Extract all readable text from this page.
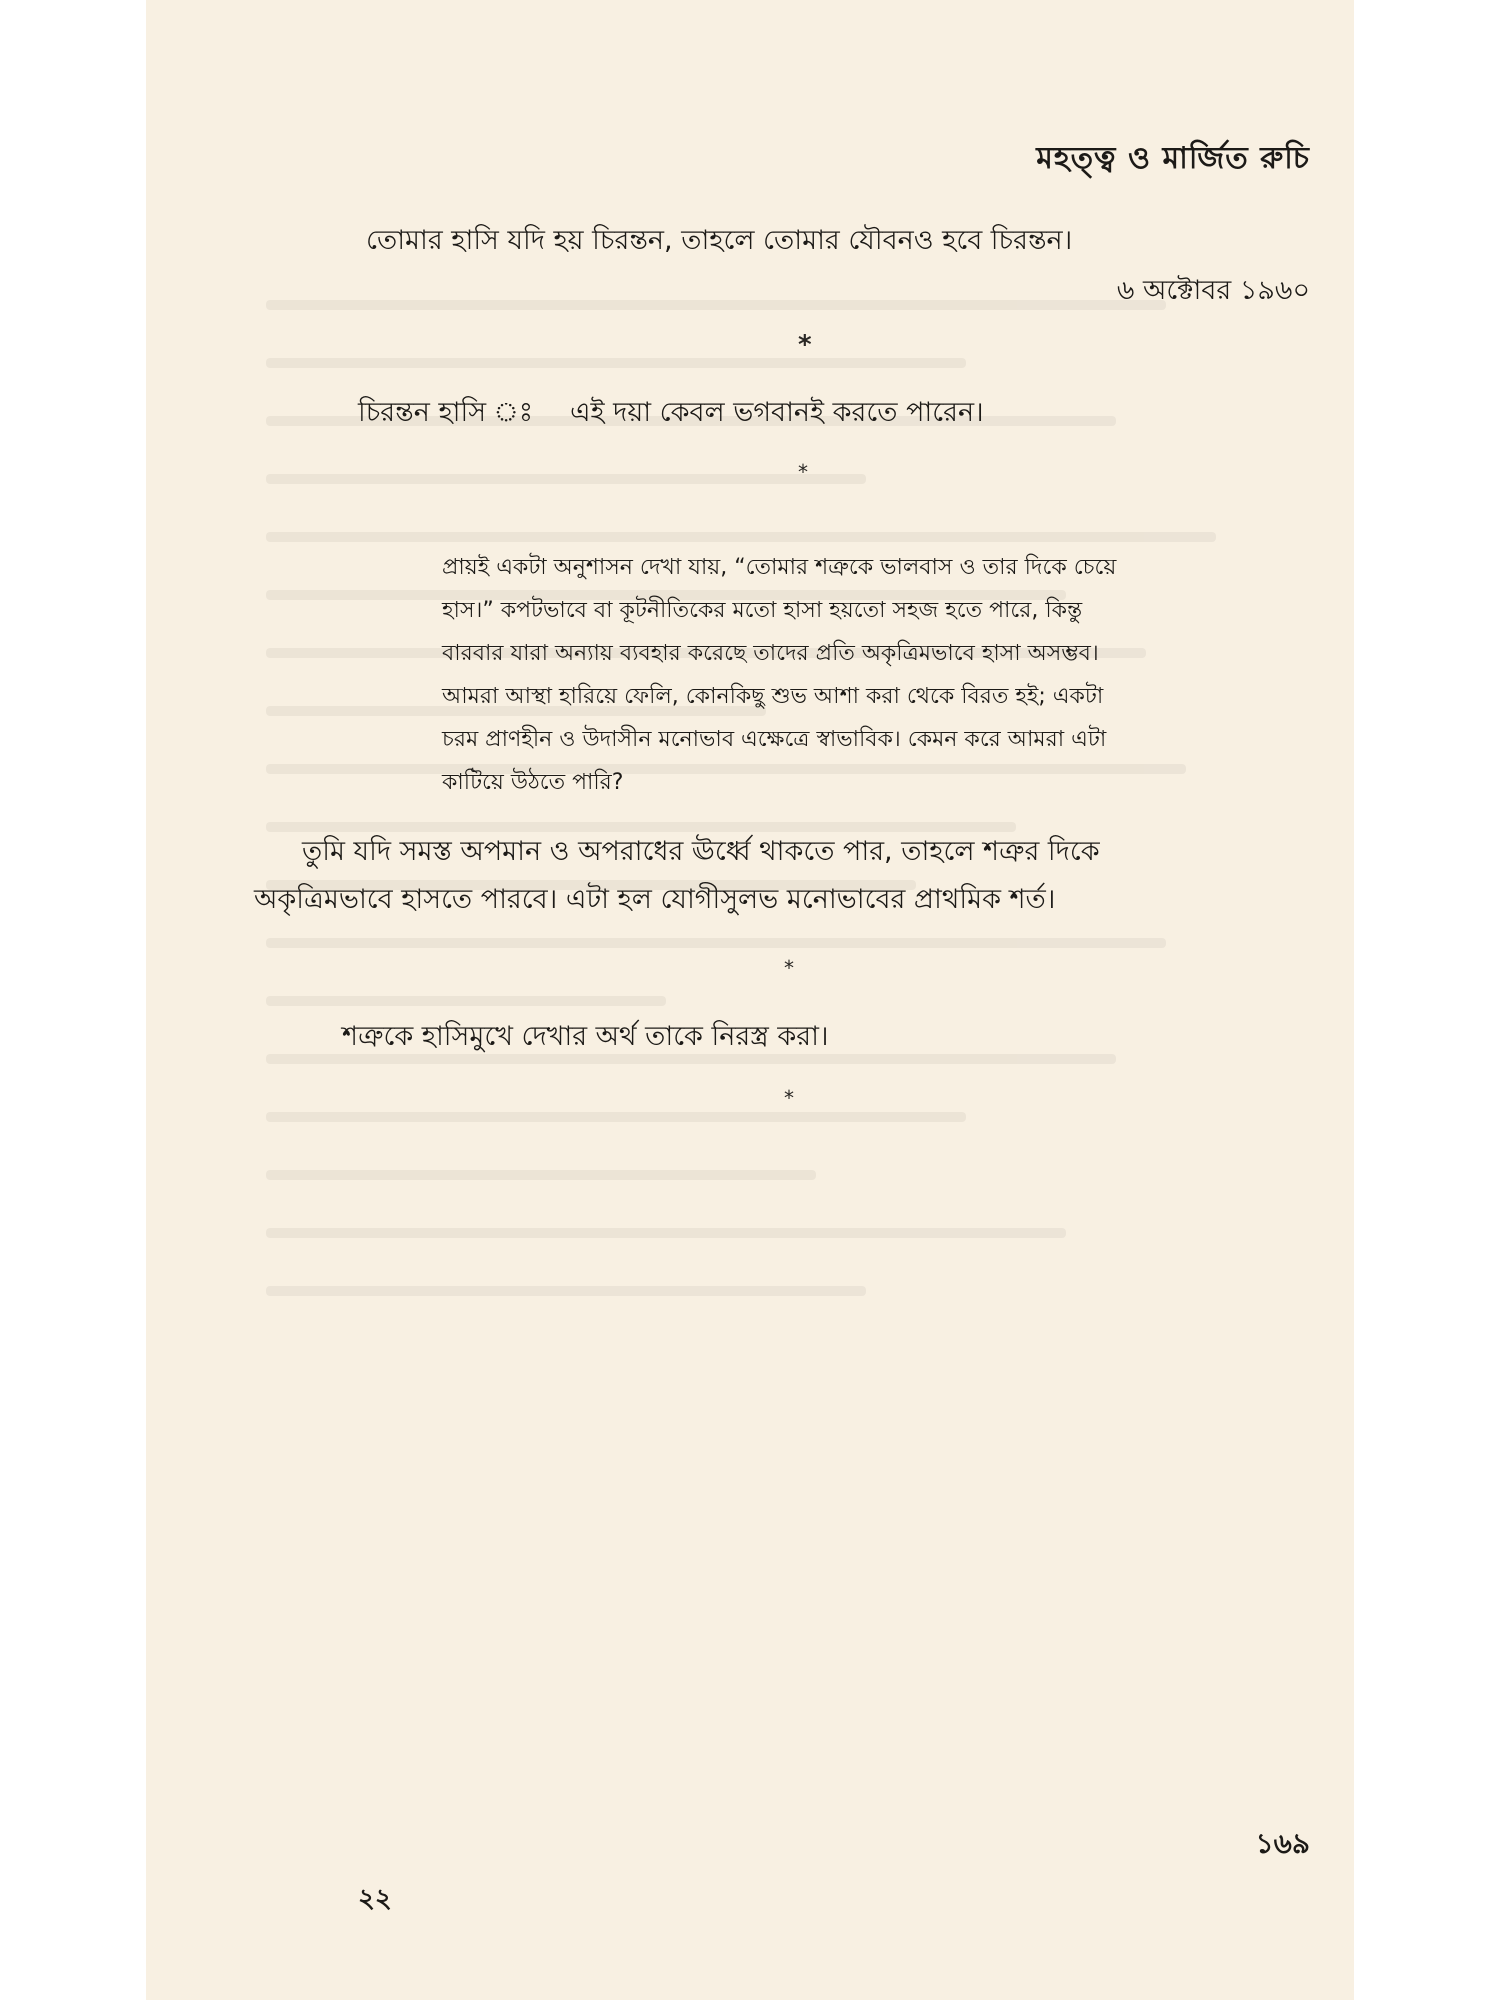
মহত্ত্ব ও মার্জিত রুচি
তোমার হাসি যদি হয় চিরন্তন, তাহলে তোমার যৌবনও হবে চিরন্তন।
৬ অক্টোবর ১৯৬০
*
চিরন্তন হাসি ঃ এই দয়া কেবল ভগবানই করতে পারেন।
*

প্রায়ই একটা অনুশাসন দেখা যায়, “তোমার শত্রুকে ভালবাস ও তার দিকে চেয়ে

হাস।” কপটভাবে বা কূটনীতিকের মতো হাসা হয়তো সহজ হতে পারে, কিন্তু

বারবার যারা অন্যায় ব্যবহার করেছে তাদের প্রতি অকৃত্রিমভাবে হাসা অসম্ভব।

আমরা আস্থা হারিয়ে ফেলি, কোনকিছু শুভ আশা করা থেকে বিরত হই; একটা

চরম প্রাণহীন ও উদাসীন মনোভাব এক্ষেত্রে স্বাভাবিক। কেমন করে আমরা এটা

কাটিয়ে উঠতে পারি?

তুমি যদি সমস্ত অপমান ও অপরাধের ঊর্ধ্বে থাকতে পার, তাহলে শত্রুর দিকে

অকৃত্রিমভাবে হাসতে পারবে। এটা হল যোগীসুলভ মনোভাবের প্রাথমিক শর্ত।

*
শত্রুকে হাসিমুখে দেখার অর্থ তাকে নিরস্ত্র করা।
*
১৬৯
২২
